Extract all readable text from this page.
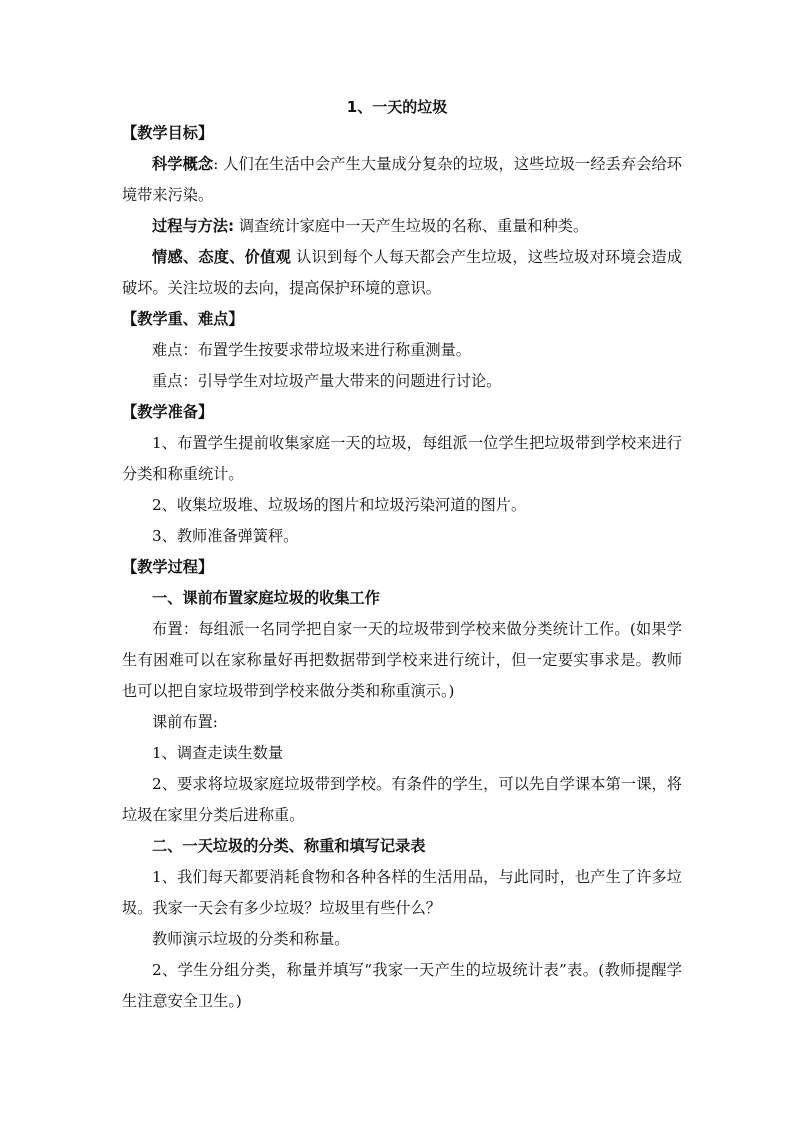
1、一天的垃圾

【教学目标】

科学概念: 人们在生活中会产生大量成分复杂的垃圾，这些垃圾一经丢弃会给环境带来污染。

过程与方法: 调查统计家庭中一天产生垃圾的名称、重量和种类。

情感、态度、价值观 认识到每个人每天都会产生垃圾，这些垃圾对环境会造成破坏。关注垃圾的去向，提高保护环境的意识。

【教学重、难点】

难点：布置学生按要求带垃圾来进行称重测量。

重点：引导学生对垃圾产量大带来的问题进行讨论。

【教学准备】

1、布置学生提前收集家庭一天的垃圾，每组派一位学生把垃圾带到学校来进行分类和称重统计。

2、收集垃圾堆、垃圾场的图片和垃圾污染河道的图片。

3、教师准备弹簧秤。

【教学过程】

一、课前布置家庭垃圾的收集工作

布置：每组派一名同学把自家一天的垃圾带到学校来做分类统计工作。(如果学生有困难可以在家称量好再把数据带到学校来进行统计，但一定要实事求是。教师也可以把自家垃圾带到学校来做分类和称重演示。)

课前布置:

1、调查走读生数量

2、要求将垃圾家庭垃圾带到学校。有条件的学生，可以先自学课本第一课，将垃圾在家里分类后进称重。

二、一天垃圾的分类、称重和填写记录表

1、我们每天都要消耗食物和各种各样的生活用品，与此同时，也产生了许多垃圾。我家一天会有多少垃圾？垃圾里有些什么？

教师演示垃圾的分类和称量。

2、学生分组分类，称量并填写“我家一天产生的垃圾统计表”表。(教师提醒学生注意安全卫生。)
